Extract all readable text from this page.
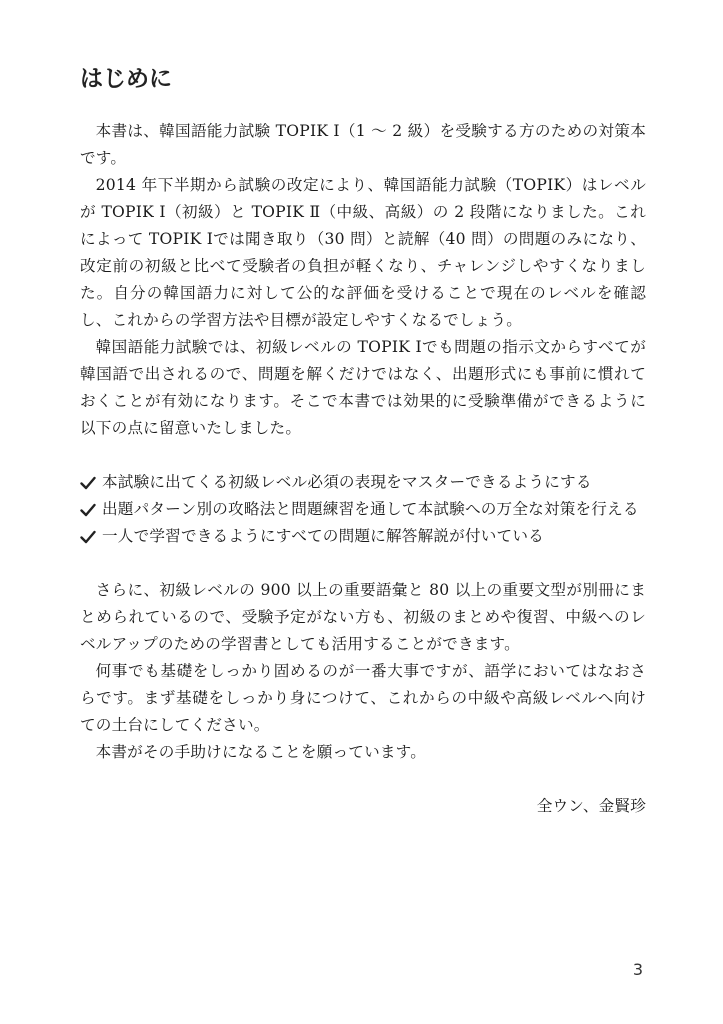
はじめに

本書は、韓国語能力試験 TOPIK Ⅰ（1 ～ 2 級）を受験する方のための対策本です。

2014 年下半期から試験の改定により、韓国語能力試験（TOPIK）はレベルが TOPIK Ⅰ（初級）と TOPIK Ⅱ（中級、高級）の 2 段階になりました。これによって TOPIK Ⅰでは聞き取り（30 問）と読解（40 問）の問題のみになり、改定前の初級と比べて受験者の負担が軽くなり、チャレンジしやすくなりました。自分の韓国語力に対して公的な評価を受けることで現在のレベルを確認し、これからの学習方法や目標が設定しやすくなるでしょう。

韓国語能力試験では、初級レベルの TOPIK Ⅰでも問題の指示文からすべてが韓国語で出されるので、問題を解くだけではなく、出題形式にも事前に慣れておくことが有効になります。そこで本書では効果的に受験準備ができるように以下の点に留意いたしました。

本試験に出てくる初級レベル必須の表現をマスターできるようにする
出題パターン別の攻略法と問題練習を通して本試験への万全な対策を行える
一人で学習できるようにすべての問題に解答解説が付いている

さらに、初級レベルの 900 以上の重要語彙と 80 以上の重要文型が別冊にまとめられているので、受験予定がない方も、初級のまとめや復習、中級へのレベルアップのための学習書としても活用することができます。

何事でも基礎をしっかり固めるのが一番大事ですが、語学においてはなおさらです。まず基礎をしっかり身につけて、これからの中級や高級レベルへ向けての土台にしてください。

本書がその手助けになることを願っています。

全ウン、金賢珍

3
